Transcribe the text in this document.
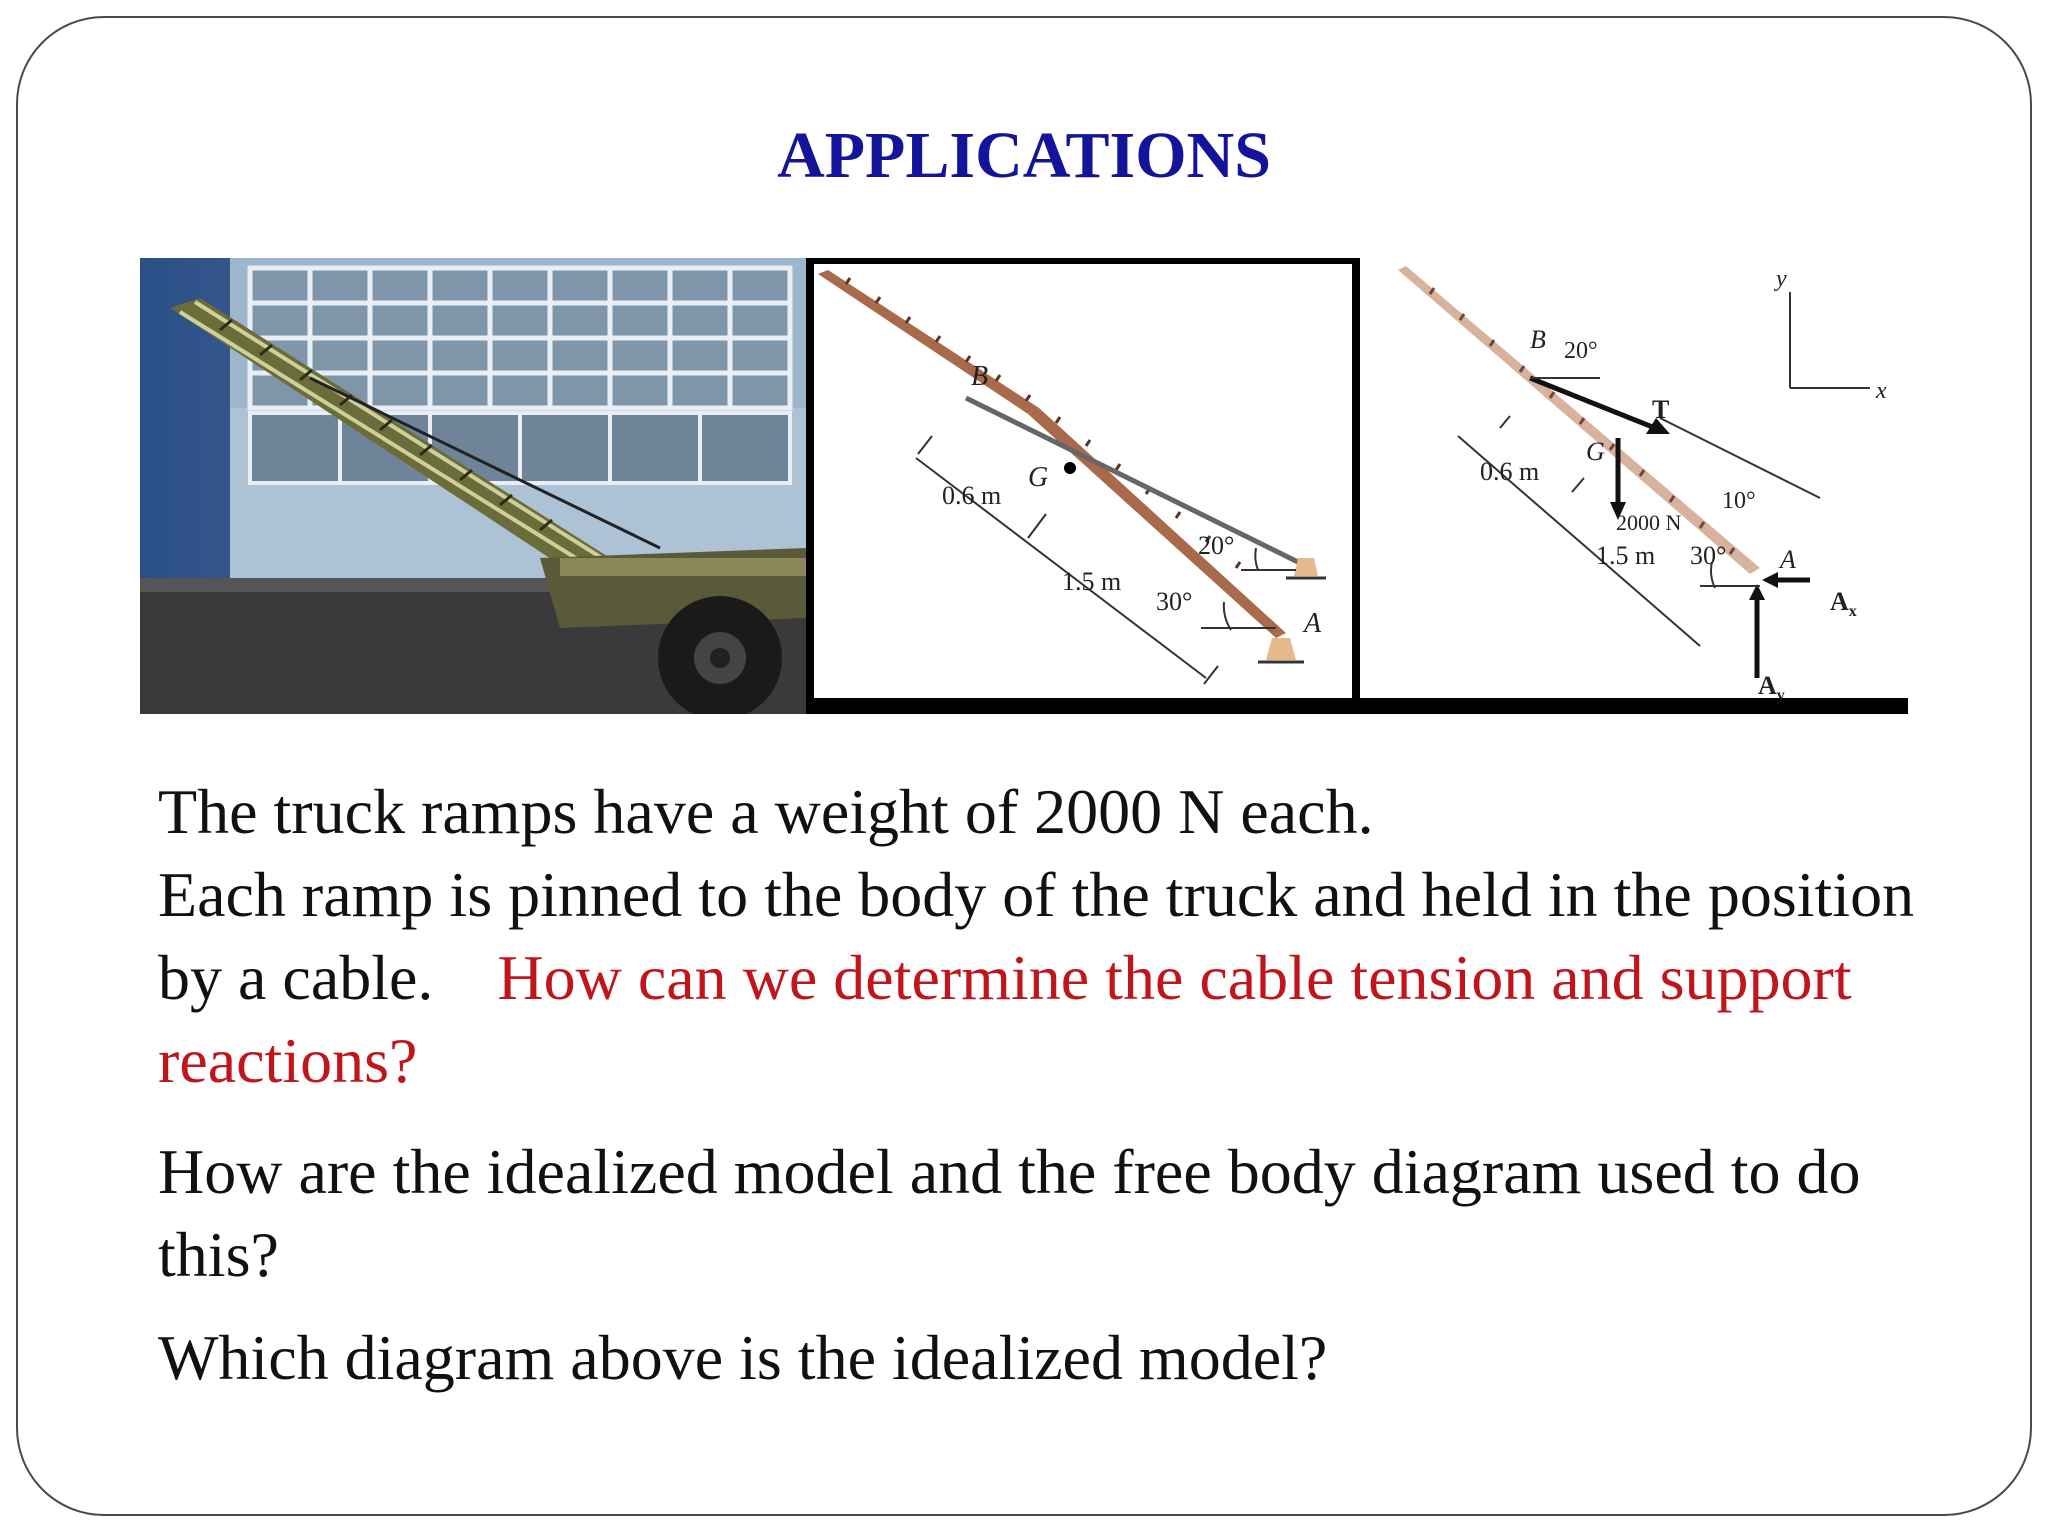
APPLICATIONS
B
G
A
0.6 m
1.5 m
20°
30°
B 20°
T
y
x
G
0.6 m
2000 N
10°
1.5 m 30° A
$A_x$
$A_y$

The truck ramps have a weight of 2000 N each.
Each ramp is pinned to the body of the truck and held in the position by a cable. How can we determine the cable tension and support reactions?

How are the idealized model and the free body diagram used to do this?

Which diagram above is the idealized model?
